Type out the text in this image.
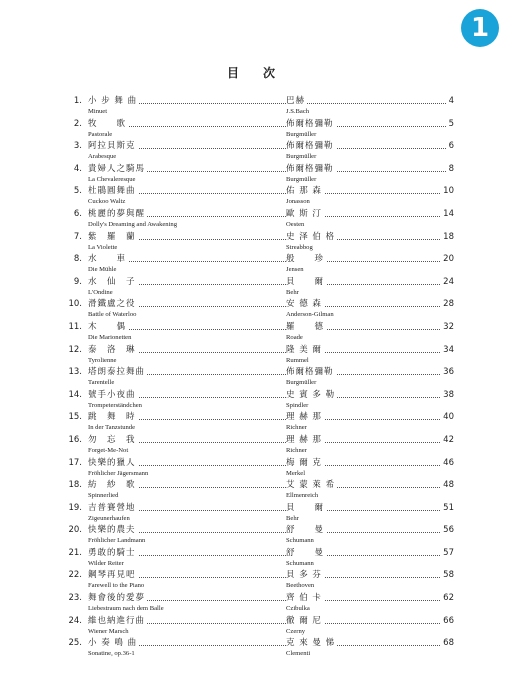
1
目　次
1. 小 步 舞 曲	巴赫	4
Minuet	J.S.Bach
2. 牧　　歌	佈爾格彌勒	5
Pastorale	Burgmüller
3. 阿拉貝斯克	佈爾格彌勒	6
Arabesque	Burgmüller
4. 貴婦人之騎馬	佈爾格彌勒	8
La Chevaleresque	Burgmüller
5. 杜鵑圓舞曲	佑 那 森	10
Cuckoo Waltz	Jonasson
6. 桃麗的夢與醒	歐 斯 汀	14
Dolly's Dreaming and Awakening	Oesten
7. 紫　羅　蘭	史 泽 伯 格	18
La Violette	Streabbog
8. 水　　車	般　　珍	20
Die Mühle	Jensen
9. 水　仙　子	貝　　爾	24
L'Ondine	Behr
10. 滑鐵盧之役	安 德 森	28
Battle of Waterloo	Anderson-Gilman
11. 木　　偶	羅　　德	32
Die Marionetten	Roade
12. 泰　洛　琳	隆 美 爾	34
Tyrolienne	Rummel
13. 塔朗泰拉舞曲	佈爾格彌勒	36
Tarentelle	Burgmüller
14. 號手小夜曲	史 賓 多 勒	38
Trompeterständchen	Spindler
15. 跳　舞　時	理 赫 那	40
In der Tanzstunde	Richner
16. 勿　忘　我	理 赫 那	42
Forget-Me-Not	Richner
17. 快樂的獵人	梅 爾 克	46
Fröhlicher Jägersmann	Merkel
18. 紡　紗　歌	艾 蒙 萊 希	48
Spinnerlied	Ellmenreich
19. 吉普賽營地	貝　　爾	51
Zigeunerhaufen	Behr
20. 快樂的農夫	舒　　曼	56
Fröhlicher Landmann	Schumann
21. 勇敢的騎士	舒　　曼	57
Wilder Reiter	Schumann
22. 鋼琴再見吧	貝 多 芬	58
Farewell to the Piano	Beethoven
23. 舞會後的愛夢	齊 伯 卡	62
Liebestraum nach dem Balle	Czibulka
24. 維也納進行曲	徹 爾 尼	66
Wiener Marsch	Czerny
25. 小 奏 鳴 曲	克 來 曼 悌	68
Sonatine, op.36-1	Clementi
